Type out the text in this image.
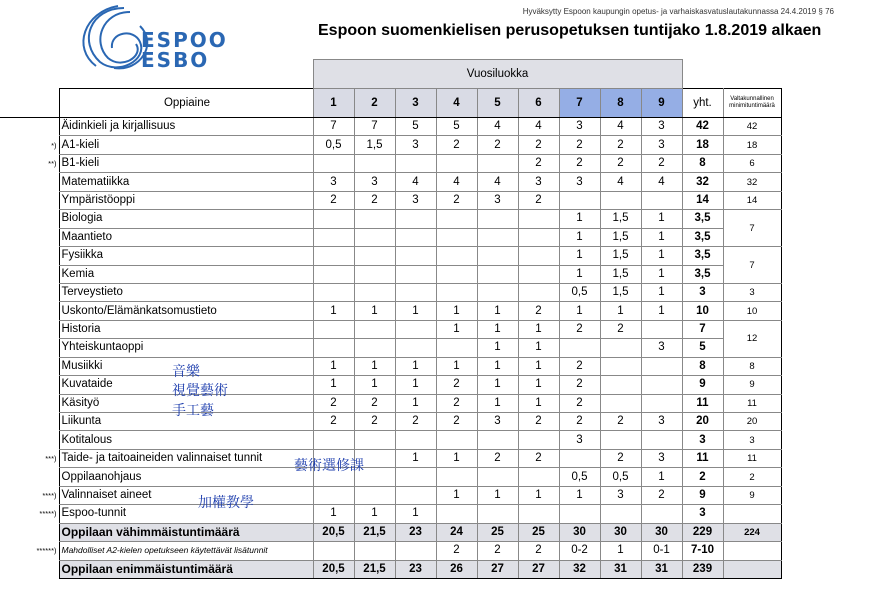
ESPOO
ESBO
Hyväksytty Espoon kaupungin opetus- ja varhaiskasvatuslautakunnassa 24.4.2019 § 76
Espoon suomenkielisen perusopetuksen tuntijako 1.8.2019 alkaen
		Vuosiluokka										
	Oppiaine	1	2	3	4	5	6	7	8	9	yht.	Valtakunnallinen minimituntimäärä
	Äidinkieli ja kirjallisuus	7	7	5	5	4	4	3	4	3	42	42
*)	A1-kieli	0,5	1,5	3	2	2	2	2	2	3	18	18
**)	B1-kieli						2	2	2	2	8	6
	Matematiikka	3	3	4	4	4	3	3	4	4	32	32
	Ympäristöoppi	2	2	3	2	3	2				14	14
	Biologia							1	1,5	1	3,5	7
	Maantieto							1	1,5	1	3,5	
	Fysiikka							1	1,5	1	3,5	7
	Kemia							1	1,5	1	3,5	
	Terveystieto							0,5	1,5	1	3	3
	Uskonto/Elämänkatsomustieto	1	1	1	1	1	2	1	1	1	10	10
	Historia				1	1	1	2	2		7	12
	Yhteiskuntaoppi					1	1			3	5	
	Musiikki	1	1	1	1	1	1	2			8	8
	Kuvataide	1	1	1	2	1	1	2			9	9
	Käsityö	2	2	1	2	1	1	2			11	11
	Liikunta	2	2	2	2	3	2	2	2	3	20	20
	Kotitalous							3			3	3
***)	Taide- ja taitoaineiden valinnaiset tunnit			1	1	2	2		2	3	11	11
	Oppilaanohjaus							0,5	0,5	1	2	2
****)	Valinnaiset aineet				1	1	1	1	3	2	9	9
*****)	Espoo-tunnit	1	1	1							3	
	Oppilaan vähimmäistuntimäärä	20,5	21,5	23	24	25	25	30	30	30	229	224
******)	Mahdolliset A2-kielen opetukseen käytettävät lisätunnit				2	2	2	0-2	1	0-1	7-10	
	Oppilaan enimmäistuntimäärä	20,5	21,5	23	26	27	27	32	31	31	239	
音樂
視覺藝術
手工藝
藝術選修課
加權教學
